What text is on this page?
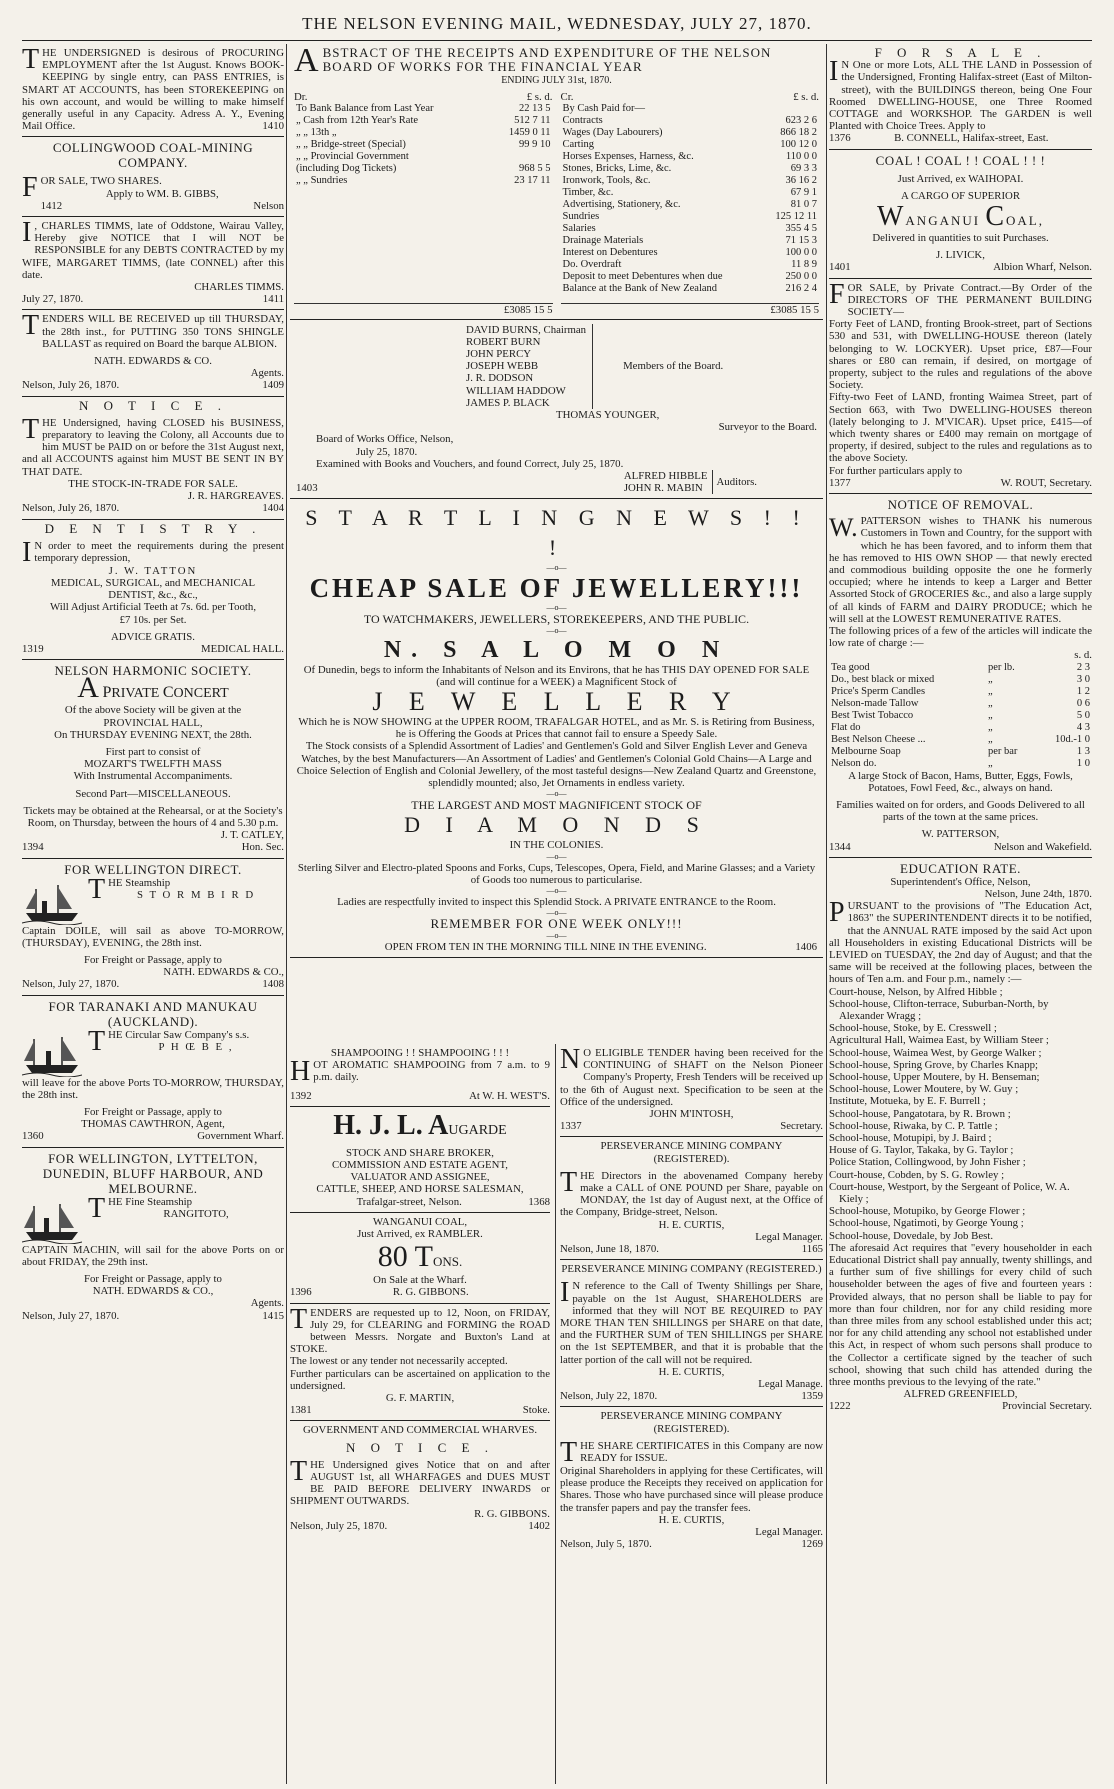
THE NELSON EVENING MAIL, WEDNESDAY, JULY 27, 1870.
THE UNDERSIGNED is desirous of PROCURING EMPLOYMENT after the 1st August. Knows BOOK-KEEPING by single entry, can PASS ENTRIES, is SMART AT ACCOUNTS, has been STOREKEEPING on his own account, and would be willing to make himself generally useful in any Capacity. Adress A. Y., Evening Mail Office.	1410
COLLINGWOOD COAL-MINING COMPANY.
F OR SALE, TWO SHARES.
Apply to WM. B. GIBBS,
1412	Nelson
I , CHARLES TIMMS, late of Oddstone, Wairau Valley, Hereby give NOTICE that I will NOT be RESPONSIBLE for any DEBTS CONTRACTED by my WIFE, MARGARET TIMMS, (late CONNEL) after this date.
CHARLES TIMMS.
July 27, 1870.	1411
TENDERS WILL BE RECEIVED up till THURSDAY, the 28th inst., for PUTTING 350 TONS SHINGLE BALLAST as required on Board the barque ALBION.
NATH. EDWARDS & CO.
Agents.
Nelson, July 26, 1870.	1409
N O T I C E .
T HE Undersigned, having CLOSED his BUSINESS, preparatory to leaving the Colony, all Accounts due to him MUST be PAID on or before the 31st August next, and all ACCOUNTS against him MUST BE SENT IN BY THAT DATE.
THE STOCK-IN-TRADE FOR SALE.
J. R. HARGREAVES.
Nelson, July 26, 1870.	1404
D E N T I S T R Y .
I N order to meet the requirements during the present temporary depression,
J. W. TATTON
MEDICAL, SURGICAL, and MECHANICAL
DENTIST, &c., &c.,
Will Adjust Artificial Teeth at 7s. 6d. per Tooth,
£7 10s. per Set.
ADVICE GRATIS.
1319	MEDICAL HALL.
NELSON HARMONIC SOCIETY.
A PRIVATE CONCERT
Of the above Society will be given at the
PROVINCIAL HALL,
On THURSDAY EVENING NEXT, the 28th.
First part to consist of
MOZART'S TWELFTH MASS
With Instrumental Accompaniments.
Second Part—MISCELLANEOUS.
Tickets may be obtained at the Rehearsal, or at the Society's Room, on Thursday, between the hours of 4 and 5.30 p.m.
J. T. CATLEY,
1394	Hon. Sec.
FOR WELLINGTON DIRECT.
THE Steamship
S T O R M B I R D
Captain DOILE, will sail as above TO-MORROW, (THURSDAY), EVENING, the 28th inst.
For Freight or Passage, apply to
NATH. EDWARDS & CO.,
Nelson, July 27, 1870.	1408
FOR TARANAKI AND MANUKAU (AUCKLAND).
THE Circular Saw Company's s.s.
P H Œ B E ,
will leave for the above Ports TO-MORROW, THURSDAY, the 28th inst.
For Freight or Passage, apply to
THOMAS CAWTHRON, Agent,
1360	Government Wharf.
FOR WELLINGTON, LYTTELTON, DUNEDIN, BLUFF HARBOUR, AND MELBOURNE.
THE Fine Steamship
RANGITOTO,
CAPTAIN MACHIN, will sail for the above Ports on or about FRIDAY, the 29th inst.
For Freight or Passage, apply to
NATH. EDWARDS & CO.,
Agents.
Nelson, July 27, 1870.	1415
ABSTRACT OF THE RECEIPTS AND EXPENDITURE OF THE NELSON BOARD OF WORKS FOR THE FINANCIAL YEAR
ENDING JULY 31st, 1870.
Dr.	£ s. d.
To Bank Balance from Last Year	22 13 5
„ Cash from 12th Year's Rate	512 7 11
„ „ 13th „	1459 0 11
„ „ Bridge-street (Special)	99 9 10
„ „ Provincial Government	
(including Dog Tickets)	968 5 5
„ „ Sundries	23 17 11
Cr.	£ s. d.
By Cash Paid for—	
Contracts	623 2 6
Wages (Day Labourers)	866 18 2
Carting	100 12 0
Horses Expenses, Harness, &c.	110 0 0
Stones, Bricks, Lime, &c.	69 3 3
Ironwork, Tools, &c.	36 16 2
Timber, &c.	67 9 1
Advertising, Stationery, &c.	81 0 7
Sundries	125 12 11
Salaries	355 4 5
Drainage Materials	71 15 3
Interest on Debentures	100 0 0
Do. Overdraft	11 8 9
Deposit to meet Debentures when due	250 0 0
Balance at the Bank of New Zealand	216 2 4
£3085 15 5	£3085 15 5
DAVID BURNS, Chairman
ROBERT BURN
JOHN PERCY
JOSEPH WEBB
J. R. DODSON
WILLIAM HADDOW
JAMES P. BLACK
Members of the Board.
THOMAS YOUNGER,
Surveyor to the Board.
Board of Works Office, Nelson,
July 25, 1870.
Examined with Books and Vouchers, and found Correct, July 25, 1870.
1403
ALFRED HIBBLE
JOHN R. MABIN
Auditors.
S T A R T L I N G N E W S ! ! !
—o—
CHEAP SALE OF JEWELLERY!!!
—o—
TO WATCHMAKERS, JEWELLERS, STOREKEEPERS, AND THE PUBLIC.
—o—
N. S A L O M O N
Of Dunedin, begs to inform the Inhabitants of Nelson and its Environs, that he has THIS DAY OPENED FOR SALE (and will continue for a WEEK) a Magnificent Stock of
J E W E L L E R Y
Which he is NOW SHOWING at the UPPER ROOM, TRAFALGAR HOTEL, and as Mr. S. is Retiring from Business, he is Offering the Goods at Prices that cannot fail to ensure a Speedy Sale.
The Stock consists of a Splendid Assortment of Ladies' and Gentlemen's Gold and Silver English Lever and Geneva Watches, by the best Manufacturers—An Assortment of Ladies' and Gentlemen's Colonial Gold Chains—A Large and Choice Selection of English and Colonial Jewellery, of the most tasteful designs—New Zealand Quartz and Greenstone, splendidly mounted; also, Jet Ornaments in endless variety.
—o—
THE LARGEST AND MOST MAGNIFICENT STOCK OF
D I A M O N D S
IN THE COLONIES.
—o—
Sterling Silver and Electro-plated Spoons and Forks, Cups, Telescopes, Opera, Field, and Marine Glasses; and a Variety of Goods too numerous to particularise.
—o—
Ladies are respectfully invited to inspect this Splendid Stock. A PRIVATE ENTRANCE to the Room.
—o—
REMEMBER FOR ONE WEEK ONLY!!!
—o—
OPEN FROM TEN IN THE MORNING TILL NINE IN THE EVENING.	1406
SHAMPOOING ! ! SHAMPOOING ! ! !
HOT AROMATIC SHAMPOOING from 7 a.m. to 9 p.m. daily.
1392	At W. H. WEST'S.
H. J. L. AUGARDE
STOCK AND SHARE BROKER,
COMMISSION AND ESTATE AGENT,
VALUATOR AND ASSIGNEE,
CATTLE, SHEEP, AND HORSE SALESMAN,
Trafalgar-street, Nelson.	1368
WANGANUI COAL,
Just Arrived, ex RAMBLER.
80 TONS.
On Sale at the Wharf.
1396	R. G. GIBBONS.
TENDERS are requested up to 12, Noon, on FRIDAY, July 29, for CLEARING and FORMING the ROAD between Messrs. Norgate and Buxton's Land at STOKE.
The lowest or any tender not necessarily accepted.
Further particulars can be ascertained on application to the undersigned.
G. F. MARTIN,
1381	Stoke.
GOVERNMENT AND COMMERCIAL WHARVES.
N O T I C E .
THE Undersigned gives Notice that on and after AUGUST 1st, all WHARFAGES and DUES MUST BE PAID BEFORE DELIVERY INWARDS or SHIPMENT OUTWARDS.
R. G. GIBBONS.
Nelson, July 25, 1870.	1402
N O ELIGIBLE TENDER having been received for the CONTINUING of SHAFT on the Nelson Pioneer Company's Property, Fresh Tenders will be received up to the 6th of August next. Specification to be seen at the Office of the undersigned.
JOHN M'INTOSH,
1337	Secretary.
PERSEVERANCE MINING COMPANY
(REGISTERED).
THE Directors in the abovenamed Company hereby make a CALL of ONE POUND per Share, payable on MONDAY, the 1st day of August next, at the Office of the Company, Bridge-street, Nelson.
H. E. CURTIS,
Legal Manager.
Nelson, June 18, 1870.	1165
PERSEVERANCE MINING COMPANY (REGISTERED.)
I N reference to the Call of Twenty Shillings per Share, payable on the 1st August, SHAREHOLDERS are informed that they will NOT BE REQUIRED to PAY MORE THAN TEN SHILLINGS per SHARE on that date, and the FURTHER SUM of TEN SHILLINGS per SHARE on the 1st SEPTEMBER, and that it is probable that the latter portion of the call will not be required.
H. E. CURTIS,
Legal Manage.
Nelson, July 22, 1870.	1359
PERSEVERANCE MINING COMPANY
(REGISTERED).
THE SHARE CERTIFICATES in this Company are now READY for ISSUE.
Original Shareholders in applying for these Certificates, will please produce the Receipts they received on application for Shares. Those who have purchased since will please produce the transfer papers and pay the transfer fees.
H. E. CURTIS,
Legal Manager.
Nelson, July 5, 1870.	1269
F O R S A L E .
I N One or more Lots, ALL THE LAND in Possession of the Undersigned, Fronting Halifax-street (East of Milton-street), with the BUILDINGS thereon, being One Four Roomed DWELLING-HOUSE, one Three Roomed COTTAGE and WORKSHOP. The GARDEN is well Planted with Choice Trees. Apply to
1376	B. CONNELL, Halifax-street, East.
COAL ! COAL ! ! COAL ! ! !
Just Arrived, ex WAIHOPAI.
A CARGO OF SUPERIOR
WANGANUI COAL,
Delivered in quantities to suit Purchases.
J. LIVICK,
1401	Albion Wharf, Nelson.
FOR SALE, by Private Contract.—By Order of the DIRECTORS OF THE PERMANENT BUILDING SOCIETY—
Forty Feet of LAND, fronting Brook-street, part of Sections 530 and 531, with DWELLING-HOUSE thereon (lately belonging to W. LOCKYER). Upset price, £87—Four shares or £80 can remain, if desired, on mortgage of property, subject to the rules and regulations of the above Society.
Fifty-two Feet of LAND, fronting Waimea Street, part of Section 663, with Two DWELLING-HOUSES thereon (lately belonging to J. M'VICAR). Upset price, £415—of which twenty shares or £400 may remain on mortgage of property, if desired, subject to the rules and regulations as to the above Society.
For further particulars apply to
1377	W. ROUT, Secretary.
NOTICE OF REMOVAL.
W. PATTERSON wishes to THANK his numerous Customers in Town and Country, for the support with which he has been favored, and to inform them that he has removed to HIS OWN SHOP — that newly erected and commodious building opposite the one he formerly occupied; where he intends to keep a Larger and Better Assorted Stock of GROCERIES &c., and also a large supply of all kinds of FARM and DAIRY PRODUCE; which he will sell at the LOWEST REMUNERATIVE RATES.
The following prices of a few of the articles will indicate the low rate of charge :—
s. d.
Tea good	per lb.	2 3
Do., best black or mixed	„	3 0
Price's Sperm Candles	„	1 2
Nelson-made Tallow	„	0 6
Best Twist Tobacco	„	5 0
Flat do	„	4 3
Best Nelson Cheese ...	„	10d.-1 0
Melbourne Soap	per bar	1 3
Nelson do.	„	1 0
A large Stock of Bacon, Hams, Butter, Eggs, Fowls, Potatoes, Fowl Feed, &c., always on hand.
Families waited on for orders, and Goods Delivered to all parts of the town at the same prices.
W. PATTERSON,
1344	Nelson and Wakefield.
EDUCATION RATE.
Superintendent's Office, Nelson,
Nelson, June 24th, 1870.
PURSUANT to the provisions of "The Education Act, 1863" the SUPERINTENDENT directs it to be notified, that the ANNUAL RATE imposed by the said Act upon all Householders in existing Educational Districts will be LEVIED on TUESDAY, the 2nd day of August; and that the same will be received at the following places, between the hours of Ten a.m. and Four p.m., namely :—
Court-house, Nelson, by Alfred Hibble ;
School-house, Clifton-terrace, Suburban-North, by Alexander Wragg ;
School-house, Stoke, by E. Cresswell ;
Agricultural Hall, Waimea East, by William Steer ;
School-house, Waimea West, by George Walker ;
School-house, Spring Grove, by Charles Knapp;
School-house, Upper Moutere, by H. Benseman;
School-house, Lower Moutere, by W. Guy ;
Institute, Motueka, by E. F. Burrell ;
School-house, Pangatotara, by R. Brown ;
School-house, Riwaka, by C. P. Tattle ;
School-house, Motupipi, by J. Baird ;
House of G. Taylor, Takaka, by G. Taylor ;
Police Station, Collingwood, by John Fisher ;
Court-house, Cobden, by S. G. Rowley ;
Court-house, Westport, by the Sergeant of Police, W. A. Kiely ;
School-house, Motupiko, by George Flower ;
School-house, Ngatimoti, by George Young ;
School-house, Dovedale, by Job Best.
The aforesaid Act requires that "every householder in each Educational District shall pay annually, twenty shillings, and a further sum of five shillings for every child of such householder between the ages of five and fourteen years : Provided always, that no person shall be liable to pay for more than four children, nor for any child residing more than three miles from any school established under this act; nor for any child attending any school not established under this Act, in respect of whom such persons shall produce to the Collector a certificate signed by the teacher of such school, showing that such child has attended during the three months previous to the levying of the rate."
ALFRED GREENFIELD,
1222	Provincial Secretary.
